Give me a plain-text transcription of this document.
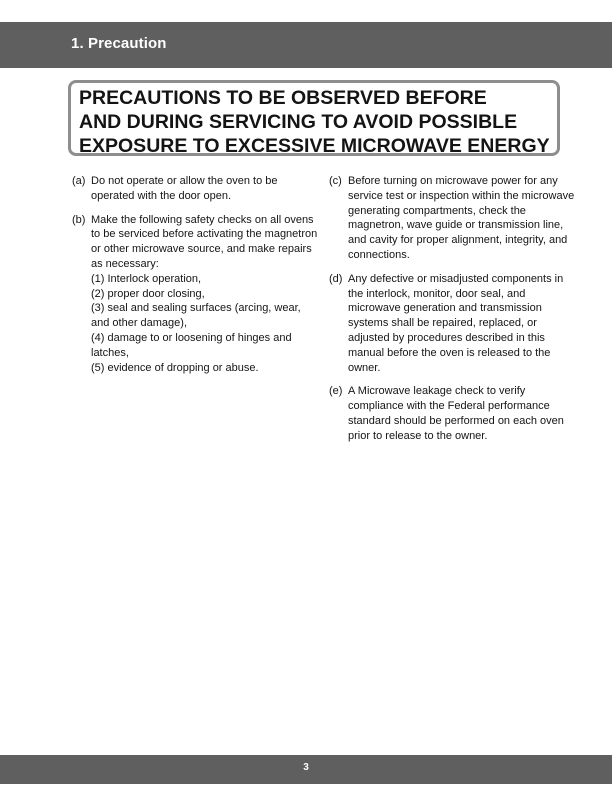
1. Precaution
PRECAUTIONS TO BE OBSERVED BEFORE
AND DURING SERVICING TO AVOID POSSIBLE
EXPOSURE TO EXCESSIVE MICROWAVE ENERGY
(a) Do not operate or allow the oven to be operated with the door open.
(b) Make the following safety checks on all ovens to be serviced before activating the magnetron or other microwave source, and make repairs as necessary:
(1) Interlock operation,
(2) proper door closing,
(3) seal and sealing surfaces (arcing, wear, and other damage),
(4) damage to or loosening of hinges and latches,
(5) evidence of dropping or abuse.
(c) Before turning on microwave power for any service test or inspection within the microwave generating compartments, check the magnetron, wave guide or transmission line, and cavity for proper alignment, integrity, and connections.
(d) Any defective or misadjusted components in the interlock, monitor, door seal, and microwave generation and transmission systems shall be repaired, replaced, or adjusted by procedures described in this manual before the oven is released to the owner.
(e) A Microwave leakage check to verify compliance with the Federal performance standard should be performed on each oven prior to release to the owner.
3
